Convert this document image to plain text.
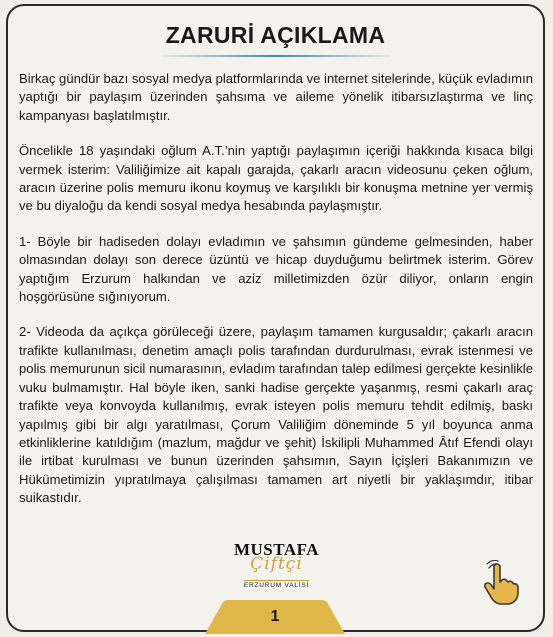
ZARURİ AÇIKLAMA

Birkaç gündür bazı sosyal medya platformlarında ve internet sitelerinde, küçük evladımın yaptığı bir paylaşım üzerinden şahsıma ve aileme yönelik itibarsızlaştırma ve linç kampanyası başlatılmıştır.

Öncelikle 18 yaşındaki oğlum A.T.’nin yaptığı paylaşımın içeriği hakkında kısaca bilgi vermek isterim: Valiliğimize ait kapalı garajda, çakarlı aracın videosunu çeken oğlum, aracın üzerine polis memuru ikonu koymuş ve karşılıklı bir konuşma metnine yer vermiş ve bu diyaloğu da kendi sosyal medya hesabında paylaşmıştır.

1- Böyle bir hadiseden dolayı evladımın ve şahsımın gündeme gelmesinden, haber olmasından dolayı son derece üzüntü ve hicap duyduğumu belirtmek isterim. Görev yaptığım Erzurum halkından ve aziz milletimizden özür diliyor, onların engin hoşgörüsüne sığınıyorum.

2- Videoda da açıkça görüleceği üzere, paylaşım tamamen kurgusaldır; çakarlı aracın trafikte kullanılması, denetim amaçlı polis tarafından durdurulması, evrak istenmesi ve polis memurunun sicil numarasının, evladım tarafından talep edilmesi gerçekte kesinlikle vuku bulmamıştır. Hal böyle iken, sanki hadise gerçekte yaşanmış, resmi çakarlı araç trafikte veya konvoyda kullanılmış, evrak isteyen polis memuru tehdit edilmiş, baskı yapılmış gibi bir algı yaratılması, Çorum Valiliğim döneminde 5 yıl boyunca anma etkinliklerine katıldığım (mazlum, mağdur ve şehit) İskilipli Muhammed Âtıf Efendi olayı ile irtibat kurulması ve bunun üzerinden şahsımın, Sayın İçişleri Bakanımızın ve Hükümetimizin yıpratılmaya çalışılması tamamen art niyetli bir yaklaşımdır, itibar suikastıdır.

MUSTAFA
Çiftçi
ERZURUM VALİSİ
1
